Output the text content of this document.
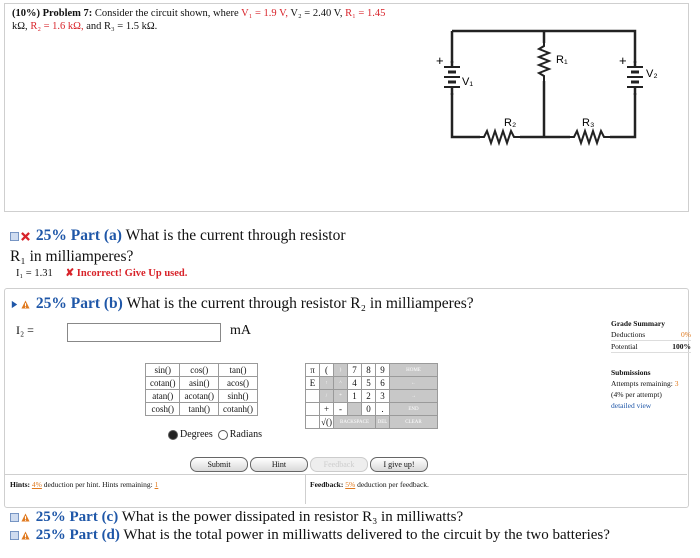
(10%) Problem 7: Consider the circuit shown, where V₁ = 1.9 V, V₂ = 2.40 V, R₁ = 1.45
kΩ, R₂ = 1.6 kΩ, and R₃ = 1.5 kΩ.
+
V₁
+
V₂
R₁
R₂	R₃
25% Part (a) What is the current through resistor
R₁ in milliamperes?
I₁ = 1.31 ✘ Incorrect! Give Up used.
25% Part (b) What is the current through resistor R₂ in milliamperes?
I₂ =	mA	Grade Summary
Deductions	0%
Potential	100%
Submissions
Attempts remaining: 3
(4% per attempt)
detailed view
sin()	cos()	tan()
cotan()	asin()	acos()
atan()	acotan()	sinh()
cosh()	tanh()	cotanh()
π	(	)	7	8	9	HOME
E	↑	^	4	5	6	←
	/	*	1	2	3	→
	+	-		0	.	END
	√()	BACKSPACE			DEL	CLEAR
Degrees Radians
Submit	Hint	Feedback	I give up!
Hints: 4% deduction per hint. Hints remaining: 1	Feedback: 5% deduction per feedback.
25% Part (c) What is the power dissipated in resistor R₃ in milliwatts?
25% Part (d) What is the total power in milliwatts delivered to the circuit by the two batteries?
